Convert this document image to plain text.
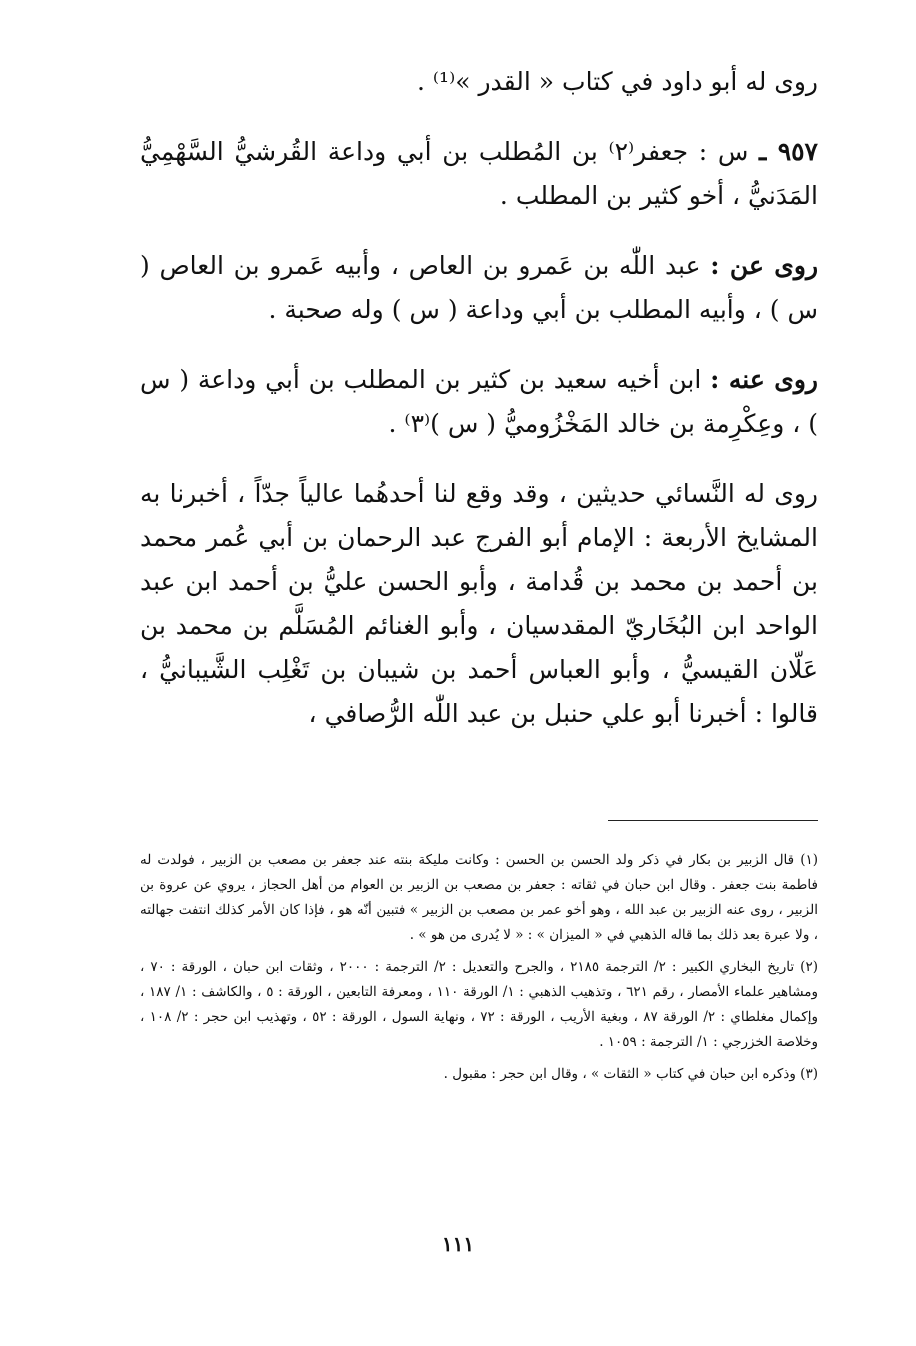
روى له أبو داود في كتاب « القدر »⁽¹⁾ .

٩٥٧ ـ س : جعفر⁽٢⁾ بن المُطلب بن أبي وداعة القُرشيُّ السَّهْمِيُّ المَدَنيُّ ، أخو كثير بن المطلب .

روى عن : عبد اللّٰه بن عَمرو بن العاص ، وأبيه عَمرو بن العاص ( س ) ، وأبيه المطلب بن أبي وداعة ( س ) وله صحبة .

روى عنه : ابن أخيه سعيد بن كثير بن المطلب بن أبي وداعة ( س ) ، وعِكْرِمة بن خالد المَخْزُوميُّ ( س )⁽٣⁾ .

روى له النَّسائي حديثين ، وقد وقع لنا أحدهُما عالياً جدّاً ، أخبرنا به المشايخ الأربعة : الإمام أبو الفرج عبد الرحمان بن أبي عُمر محمد بن أحمد بن محمد بن قُدامة ، وأبو الحسن عليُّ بن أحمد ابن عبد الواحد ابن البُخَاريّ المقدسيان ، وأبو الغنائم المُسَلَّم بن محمد بن عَلّان القيسيُّ ، وأبو العباس أحمد بن شيبان بن تَغْلِب الشَّيبانيُّ ، قالوا : أخبرنا أبو علي حنبل بن عبد اللّٰه الرُّصافي ،

(١) قال الزبير بن بكار في ذكر ولد الحسن بن الحسن : وكانت مليكة بنته عند جعفر بن مصعب بن الزبير ، فولدت له فاطمة بنت جعفر . وقال ابن حبان في ثقاته : جعفر بن مصعب بن الزبير بن العوام من أهل الحجاز ، يروي عن عروة بن الزبير ، روى عنه الزبير بن عبد الله ، وهو أخو عمر بن مصعب بن الزبير » فتبين أنّه هو ، فإذا كان الأمر كذلك انتفت جهالته ، ولا عبرة بعد ذلك بما قاله الذهبي في « الميزان » : « لا يُدرى من هو » .

(٢) تاريخ البخاري الكبير : ٢/ الترجمة ٢١٨٥ ، والجرح والتعديل : ٢/ الترجمة : ٢٠٠٠ ، وثقات ابن حبان ، الورقة : ٧٠ ، ومشاهير علماء الأمصار ، رقم ٦٢١ ، وتذهيب الذهبي : ١/ الورقة ١١٠ ، ومعرفة التابعين ، الورقة : ٥ ، والكاشف : ١/ ١٨٧ ، وإكمال مغلطاي : ٢/ الورقة ٨٧ ، وبغية الأريب ، الورقة : ٧٢ ، ونهاية السول ، الورقة : ٥٢ ، وتهذيب ابن حجر : ٢/ ١٠٨ ، وخلاصة الخزرجي : ١/ الترجمة : ١٠٥٩ .

(٣) وذكره ابن حبان في كتاب « الثقات » ، وقال ابن حجر : مقبول .

١١١
